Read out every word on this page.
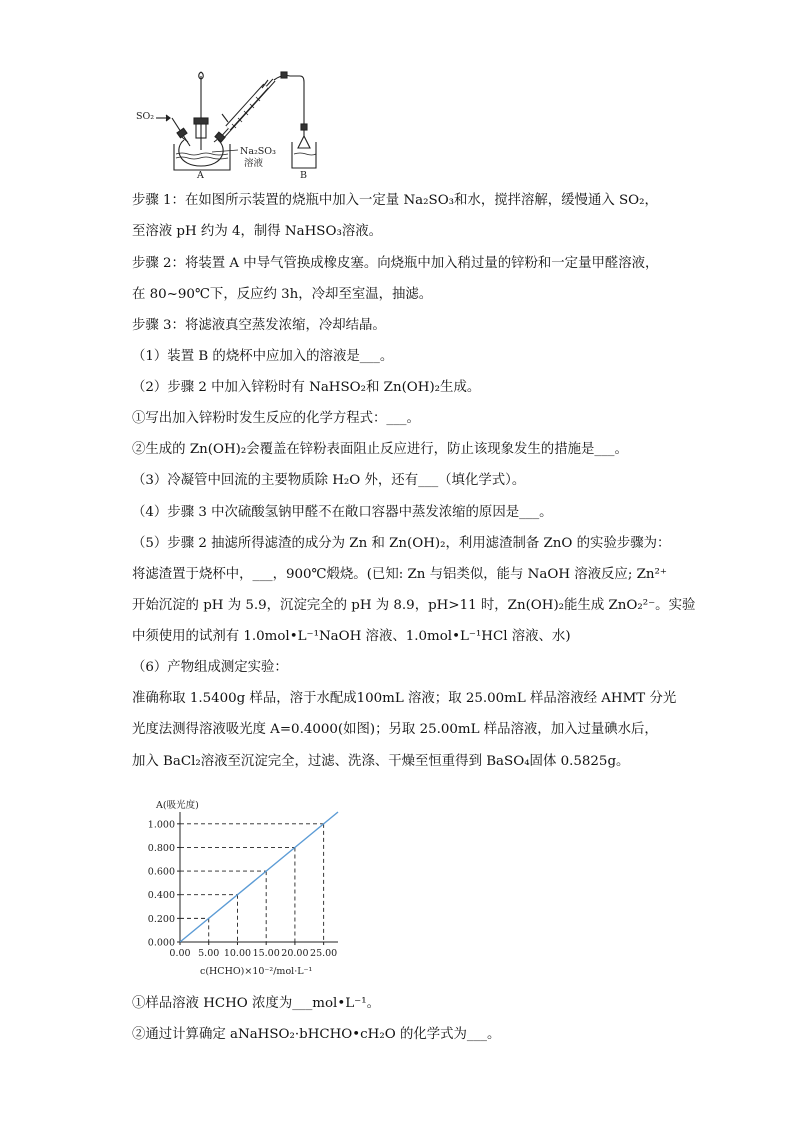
SO₂
Na₂SO₃
溶液
A	B
步骤 1：在如图所示装置的烧瓶中加入一定量 Na₂SO₃和水，搅拌溶解，缓慢通入 SO₂，
至溶液 pH 约为 4，制得 NaHSO₃溶液。
步骤 2：将装置 A 中导气管换成橡皮塞。向烧瓶中加入稍过量的锌粉和一定量甲醛溶液，
在 80~90℃下，反应约 3h，冷却至室温，抽滤。
步骤 3：将滤液真空蒸发浓缩，冷却结晶。
（1）装置 B 的烧杯中应加入的溶液是___。
（2）步骤 2 中加入锌粉时有 NaHSO₂和 Zn(OH)₂生成。
①写出加入锌粉时发生反应的化学方程式：___。
②生成的 Zn(OH)₂会覆盖在锌粉表面阻止反应进行，防止该现象发生的措施是___。
（3）冷凝管中回流的主要物质除 H₂O 外，还有___（填化学式）。
（4）步骤 3 中次硫酸氢钠甲醛不在敞口容器中蒸发浓缩的原因是___。
（5）步骤 2 抽滤所得滤渣的成分为 Zn 和 Zn(OH)₂，利用滤渣制备 ZnO 的实验步骤为：
将滤渣置于烧杯中，___，900℃煅烧。(已知: Zn 与铝类似，能与 NaOH 溶液反应; Zn²⁺
开始沉淀的 pH 为 5.9，沉淀完全的 pH 为 8.9，pH>11 时，Zn(OH)₂能生成 ZnO₂²⁻。实验
中须使用的试剂有 1.0mol•L⁻¹NaOH 溶液、1.0mol•L⁻¹HCl 溶液、水)
（6）产物组成测定实验：
准确称取 1.5400g 样品，溶于水配成100mL 溶液；取 25.00mL 样品溶液经 AHMT 分光
光度法测得溶液吸光度 A=0.4000(如图)；另取 25.00mL 样品溶液，加入过量碘水后，
加入 BaCl₂溶液至沉淀完全，过滤、洗涤、干燥至恒重得到 BaSO₄固体 0.5825g。
0.000
0.200
0.400
0.600
0.800
1.000
0.00 5.00 10.00 15.00 20.00 25.00
A(吸光度)
c(HCHO)×10⁻²/mol·L⁻¹
①样品溶液 HCHO 浓度为___mol•L⁻¹。
②通过计算确定 aNaHSO₂·bHCHO•cH₂O 的化学式为___。
